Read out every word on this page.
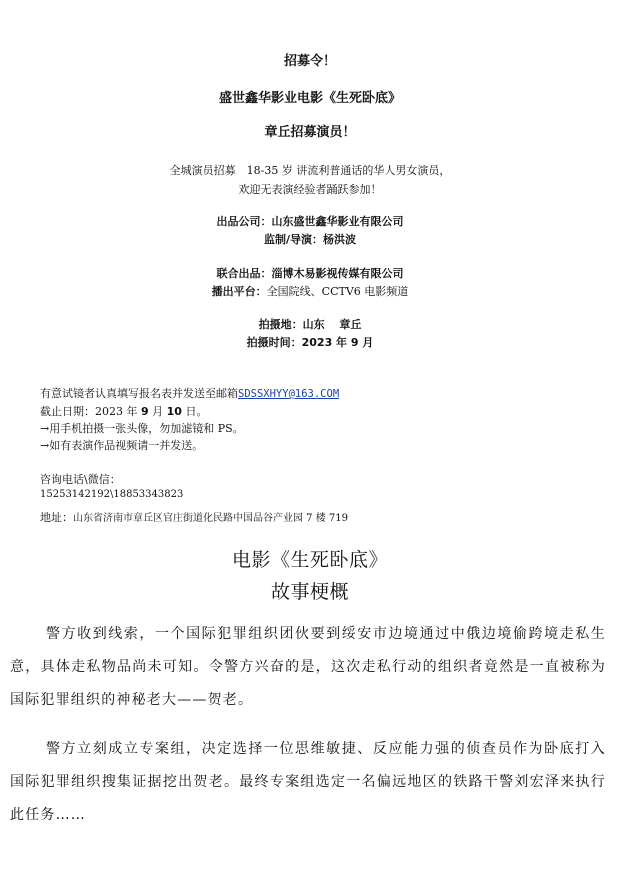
招募令！
盛世鑫华影业电影《生死卧底》
章丘招募演员！
全城演员招募　18-35 岁 讲流利普通话的华人男女演员，
欢迎无表演经验者踊跃参加！
出品公司：山东盛世鑫华影业有限公司
监制/导演：杨洪波
联合出品：淄博木易影视传媒有限公司
播出平台：全国院线、CCTV6 电影频道
拍摄地：山东　 章丘
拍摄时间：2023 年 9 月
有意试镜者认真填写报名表并发送至邮箱SDSSXHYY@163.COM
截止日期：2023 年 9 月 10 日。
→用手机拍摄一张头像，勿加滤镜和 PS。
→如有表演作品视频请一并发送。
咨询电话\微信：
15253142192\18853343823
地址：山东省济南市章丘区官庄街道化民路中国品谷产业园 7 楼 719
电影《生死卧底》
故事梗概
警方收到线索，一个国际犯罪组织团伙要到绥安市边境通过中俄边境偷跨境走私生意，具体走私物品尚未可知。令警方兴奋的是，这次走私行动的组织者竟然是一直被称为国际犯罪组织的神秘老大——贺老。
警方立刻成立专案组，决定选择一位思维敏捷、反应能力强的侦查员作为卧底打入国际犯罪组织搜集证据挖出贺老。最终专案组选定一名偏远地区的铁路干警刘宏泽来执行此任务……
